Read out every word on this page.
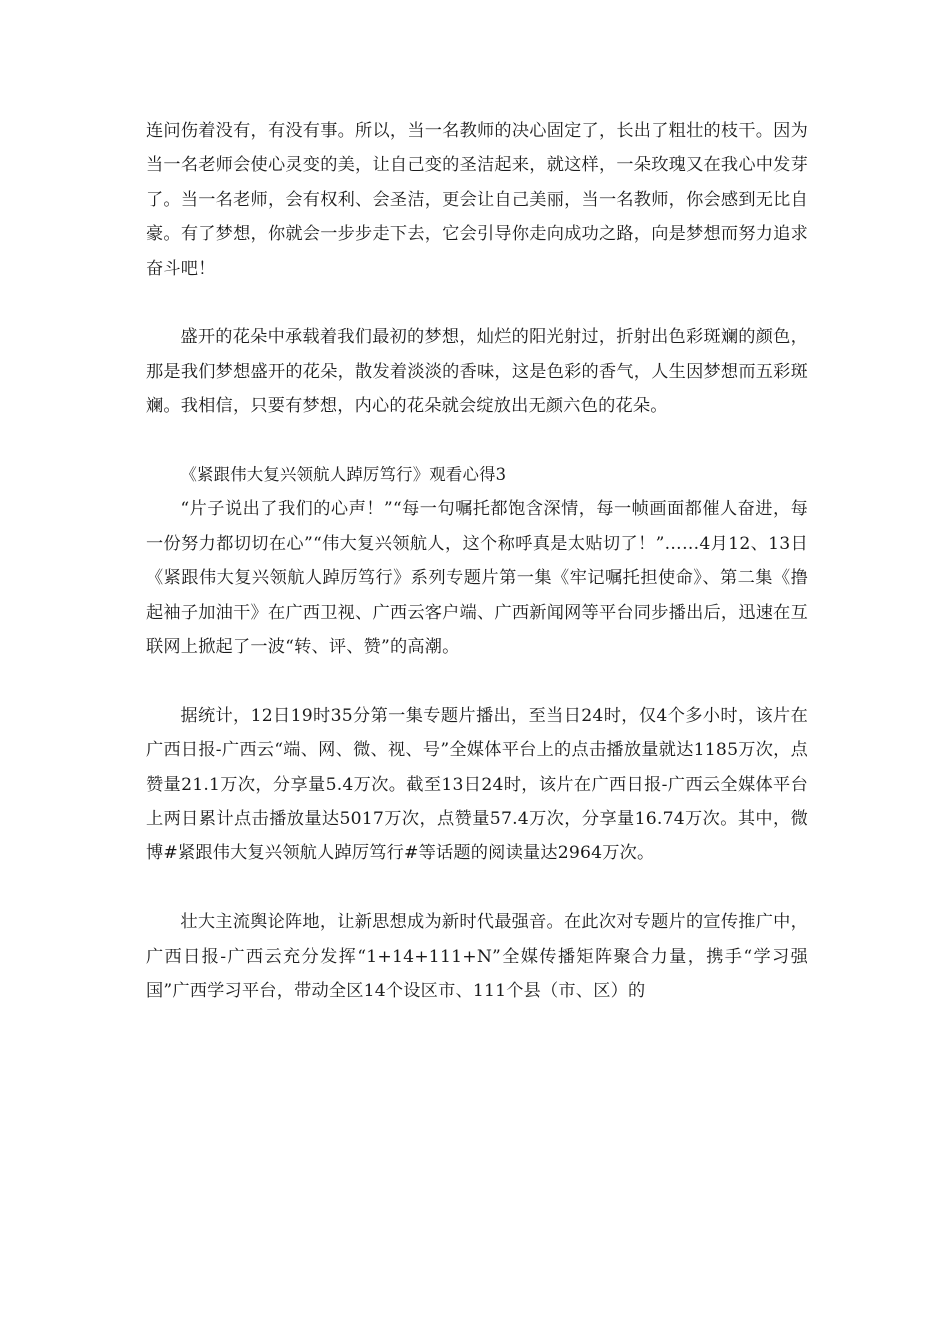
连问伤着没有，有没有事。所以，当一名教师的决心固定了，长出了粗壮的枝干。因为当一名老师会使心灵变的美，让自己变的圣洁起来，就这样，一朵玫瑰又在我心中发芽了。当一名老师，会有权利、会圣洁，更会让自己美丽，当一名教师，你会感到无比自豪。有了梦想，你就会一步步走下去，它会引导你走向成功之路，向是梦想而努力追求奋斗吧！

盛开的花朵中承载着我们最初的梦想，灿烂的阳光射过，折射出色彩斑斓的颜色，那是我们梦想盛开的花朵，散发着淡淡的香味，这是色彩的香气，人生因梦想而五彩斑斓。我相信，只要有梦想，内心的花朵就会绽放出无颜六色的花朵。

《紧跟伟大复兴领航人踔厉笃行》观看心得3

“片子说出了我们的心声！”“每一句嘱托都饱含深情，每一帧画面都催人奋进，每一份努力都切切在心”“伟大复兴领航人，这个称呼真是太贴切了！”……4月12、13日《紧跟伟大复兴领航人踔厉笃行》系列专题片第一集《牢记嘱托担使命》、第二集《撸起袖子加油干》在广西卫视、广西云客户端、广西新闻网等平台同步播出后，迅速在互联网上掀起了一波“转、评、赞”的高潮。

据统计，12日19时35分第一集专题片播出，至当日24时，仅4个多小时，该片在广西日报-广西云“端、网、微、视、号”全媒体平台上的点击播放量就达1185万次，点赞量21.1万次，分享量5.4万次。截至13日24时，该片在广西日报-广西云全媒体平台上两日累计点击播放量达5017万次，点赞量57.4万次，分享量16.74万次。其中，微博#紧跟伟大复兴领航人踔厉笃行#等话题的阅读量达2964万次。

壮大主流舆论阵地，让新思想成为新时代最强音。在此次对专题片的宣传推广中，广西日报-广西云充分发挥“1+14+111+N”全媒传播矩阵聚合力量，携手“学习强国”广西学习平台，带动全区14个设区市、111个县（市、区）的
